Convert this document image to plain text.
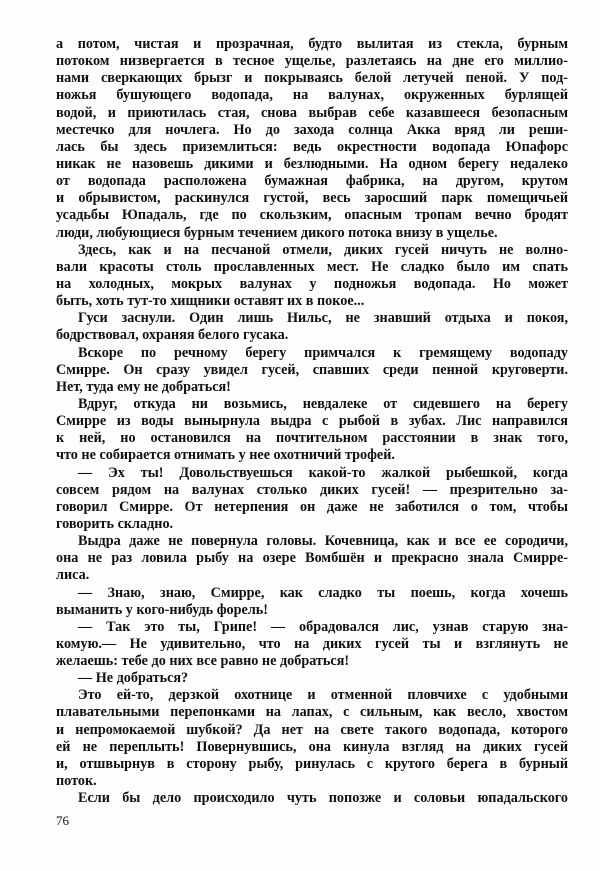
а потом, чистая и прозрачная, будто вылитая из стекла, бурным
потоком низвергается в тесное ущелье, разлетаясь на дне его миллио-
нами сверкающих брызг и покрываясь белой летучей пеной. У под-
ножья бушующего водопада, на валунах, окруженных бурлящей
водой, и приютилась стая, снова выбрав себе казавшееся безопасным
местечко для ночлега. Но до захода солнца Акка вряд ли реши-
лась бы здесь приземлиться: ведь окрестности водопада Юпафорс
никак не назовешь дикими и безлюдными. На одном берегу недалеко
от водопада расположена бумажная фабрика, на другом, крутом
и обрывистом, раскинулся густой, весь заросший парк помещичьей
усадьбы Юпадаль, где по скользким, опасным тропам вечно бродят
люди, любующиеся бурным течением дикого потока внизу в ущелье.
Здесь, как и на песчаной отмели, диких гусей ничуть не волно-
вали красоты столь прославленных мест. Не сладко было им спать
на холодных, мокрых валунах у подножья водопада. Но может
быть, хоть тут-то хищники оставят их в покое...
Гуси заснули. Один лишь Нильс, не знавший отдыха и покоя,
бодрствовал, охраняя белого гусака.
Вскоре по речному берегу примчался к гремящему водопаду
Смирре. Он сразу увидел гусей, спавших среди пенной круговерти.
Нет, туда ему не добраться!
Вдруг, откуда ни возьмись, невдалеке от сидевшего на берегу
Смирре из воды вынырнула выдра с рыбой в зубах. Лис направился
к ней, но остановился на почтительном расстоянии в знак того,
что не собирается отнимать у нее охотничий трофей.
— Эх ты! Довольствуешься какой-то жалкой рыбешкой, когда
совсем рядом на валунах столько диких гусей! — презрительно за-
говорил Смирре. От нетерпения он даже не заботился о том, чтобы
говорить складно.
Выдра даже не повернула головы. Кочевница, как и все ее сородичи,
она не раз ловила рыбу на озере Вомбшён и прекрасно знала Смирре-
лиса.
— Знаю, знаю, Смирре, как сладко ты поешь, когда хочешь
выманить у кого-нибудь форель!
— Так это ты, Грипе! — обрадовался лис, узнав старую зна-
комую.— Не удивительно, что на диких гусей ты и взглянуть не
желаешь: тебе до них все равно не добраться!
— Не добраться?
Это ей-то, дерзкой охотнице и отменной пловчихе с удобными
плавательными перепонками на лапах, с сильным, как весло, хвостом
и непромокаемой шубкой? Да нет на свете такого водопада, которого
ей не переплыть! Повернувшись, она кинула взгляд на диких гусей
и, отшвырнув в сторону рыбу, ринулась с крутого берега в бурный
поток.
Если бы дело происходило чуть попозже и соловьи юпадальского
76
